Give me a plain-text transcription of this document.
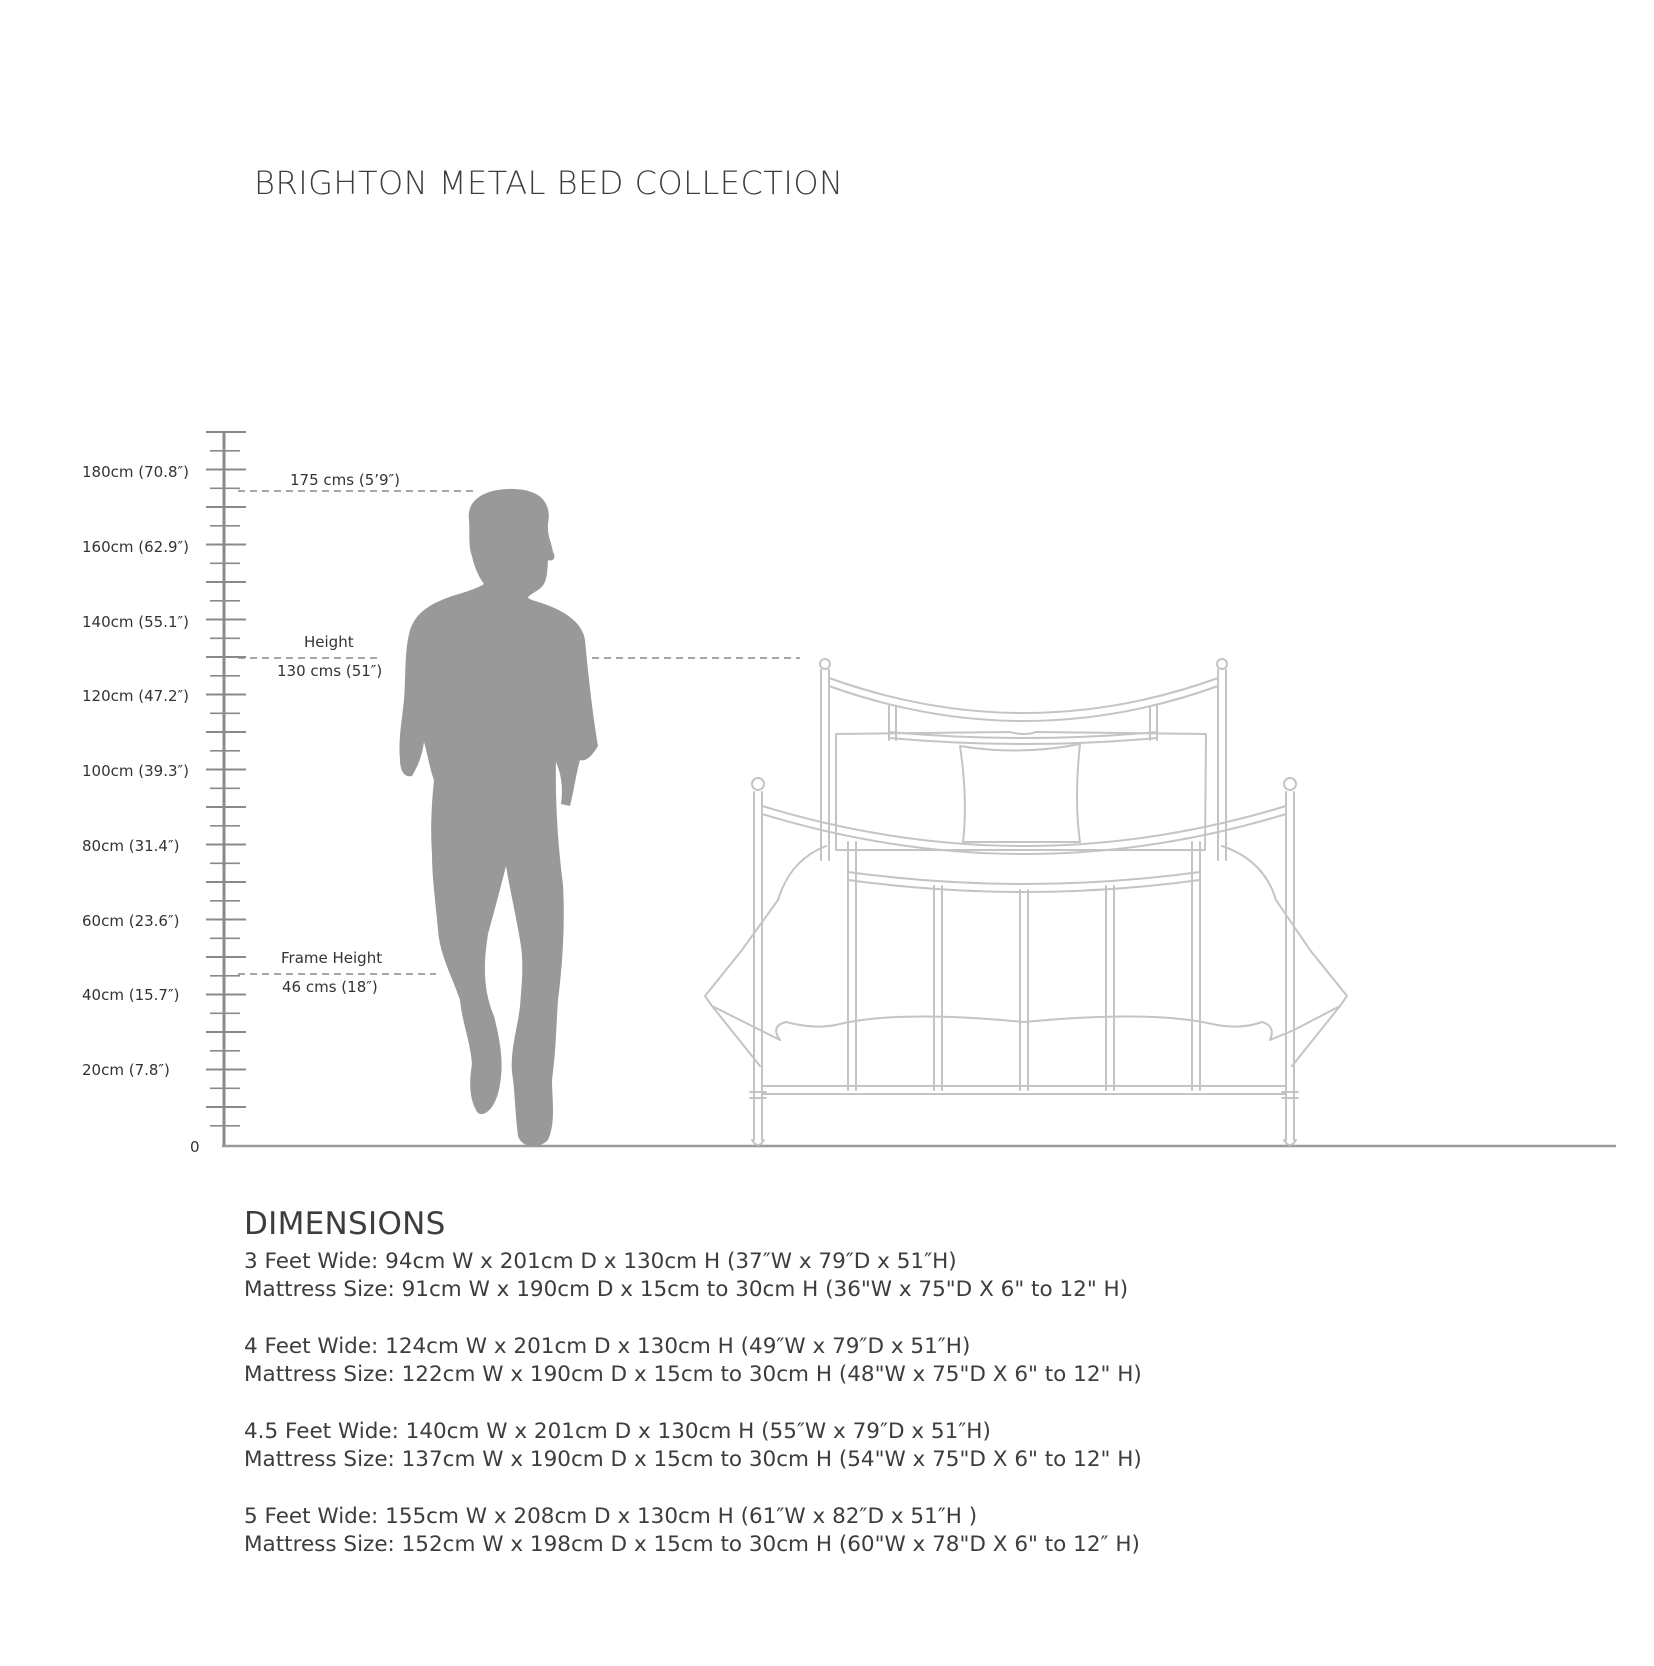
BRIGHTON METAL BED COLLECTION
180cm (70.8″)
160cm (62.9″)
140cm (55.1″)
120cm (47.2″)
100cm (39.3″)
80cm (31.4″)
60cm (23.6″)
40cm (15.7″)
20cm (7.8″)
0
175 cms (5’9″)
Height
130 cms (51″)
Frame Height
46 cms (18″)
DIMENSIONS
3 Feet Wide: 94cm W x 201cm D x 130cm H (37″W x 79″D x 51″H)
Mattress Size: 91cm W x 190cm D x 15cm to 30cm H (36"W x 75"D X 6" to 12" H)
4 Feet Wide: 124cm W x 201cm D x 130cm H (49″W x 79″D x 51″H)
Mattress Size: 122cm W x 190cm D x 15cm to 30cm H (48"W x 75"D X 6" to 12" H)
4.5 Feet Wide: 140cm W x 201cm D x 130cm H (55″W x 79″D x 51″H)
Mattress Size: 137cm W x 190cm D x 15cm to 30cm H (54"W x 75"D X 6" to 12" H)
5 Feet Wide: 155cm W x 208cm D x 130cm H (61″W x 82″D x 51″H )
Mattress Size: 152cm W x 198cm D x 15cm to 30cm H (60"W x 78"D X 6" to 12″ H)
